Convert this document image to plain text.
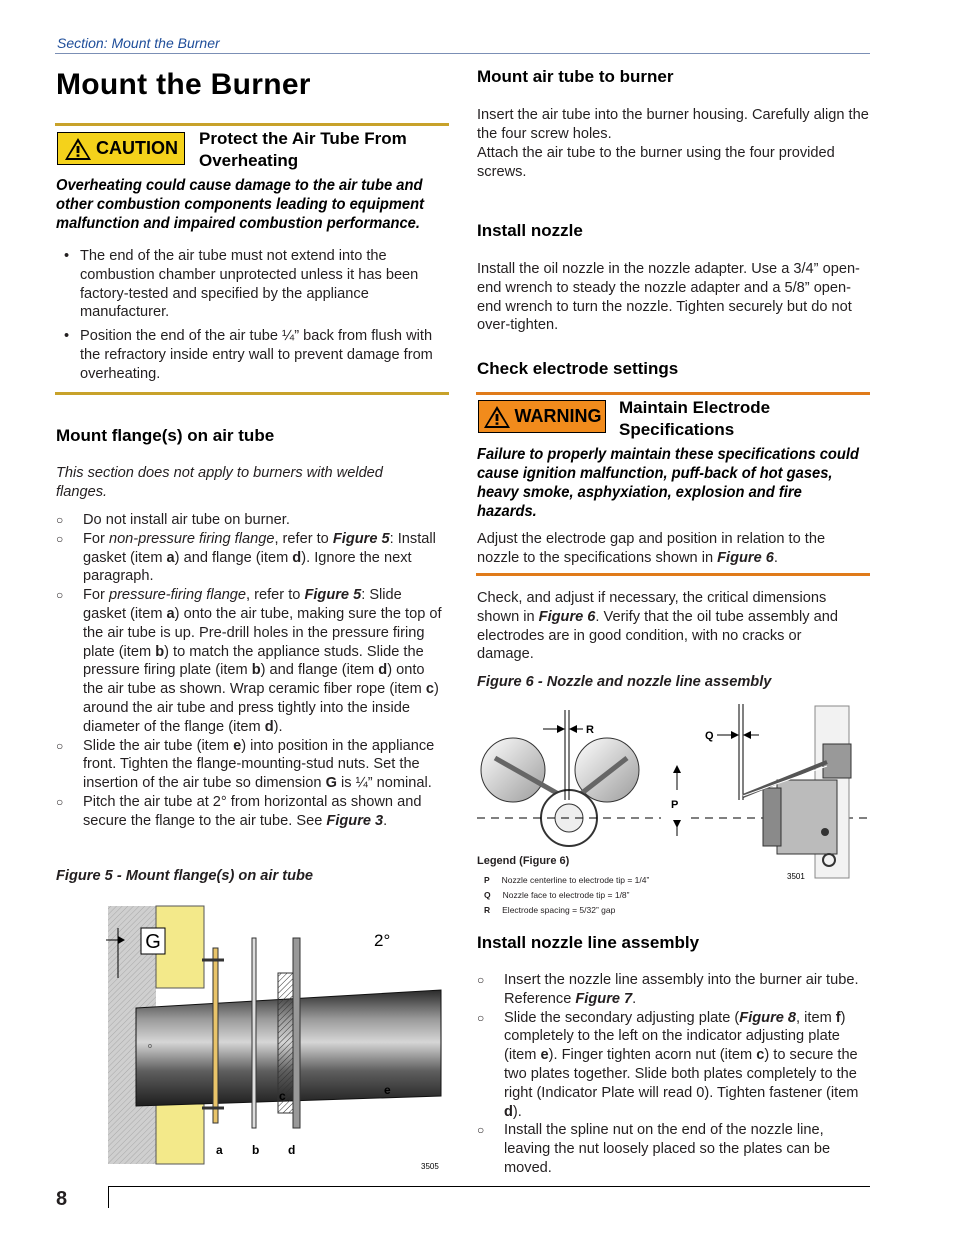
Section: Mount the Burner
Mount the Burner
CAUTION Protect the Air Tube From Overheating
Overheating could cause damage to the air tube and other combustion components leading to equipment malfunction and impaired combustion performance.
• The end of the air tube must not extend into the combustion chamber unprotected unless it has been factory-tested and specified by the appliance manufacturer.
• Position the end of the air tube ¼” back from flush with the refractory inside entry wall to prevent damage from overheating.
Mount flange(s) on air tube

This section does not apply to burners with welded flanges.

○ Do not install air tube on burner.
○ For non-pressure firing flange, refer to Figure 5: Install gasket (item a) and flange (item d). Ignore the next paragraph.
○ For pressure-firing flange, refer to Figure 5: Slide gasket (item a) onto the air tube, making sure the top of the air tube is up. Pre-drill holes in the pressure firing plate (item b) to match the appliance studs. Slide the pressure firing plate (item b) and flange (item d) onto the air tube as shown. Wrap ceramic fiber rope (item c) around the air tube and press tightly into the inside diameter of the flange (item d).
○ Slide the air tube (item e) into position in the appliance front. Tighten the flange-mounting-stud nuts. Set the insertion of the air tube so dimension G is ¼” nominal.
○ Pitch the air tube at 2° from horizontal as shown and secure the flange to the air tube. See Figure 3.
Figure 5 - Mount flange(s) on air tube
G	2°
o
c	e
a b d
3505
Mount air tube to burner

Insert the air tube into the burner housing. Carefully align the the four screw holes.

Attach the air tube to the burner using the four provided screws.

Install nozzle

Install the oil nozzle in the nozzle adapter. Use a 3/4” open-end wrench to steady the nozzle adapter and a 5/8” open-end wrench to turn the nozzle. Tighten securely but do not over-tighten.

Check electrode settings
WARNING Maintain Electrode Specifications
Failure to properly maintain these specifications could cause ignition malfunction, puff-back of hot gases, heavy smoke, asphyxiation, explosion and fire hazards.

Adjust the electrode gap and position in relation to the nozzle to the specifications shown in Figure 6.

Check, and adjust if necessary, the critical dimensions shown in Figure 6. Verify that the oil tube assembly and electrodes are in good condition, with no cracks or damage.

Figure 6 - Nozzle and nozzle line assembly
R
P
Q
3501
Legend (Figure 6)
P Nozzle centerline to electrode tip = 1/4”
Q Nozzle face to electrode tip = 1/8”
R Electrode spacing = 5/32” gap
Install nozzle line assembly
○ Insert the nozzle line assembly into the burner air tube. Reference Figure 7.
○ Slide the secondary adjusting plate (Figure 8, item f) completely to the left on the indicator adjusting plate (item e). Finger tighten acorn nut (item c) to secure the two plates together. Slide both plates completely to the right (Indicator Plate will read 0). Tighten fastener (item d).
○ Install the spline nut on the end of the nozzle line, leaving the nut loosely placed so the plates can be moved.
8
